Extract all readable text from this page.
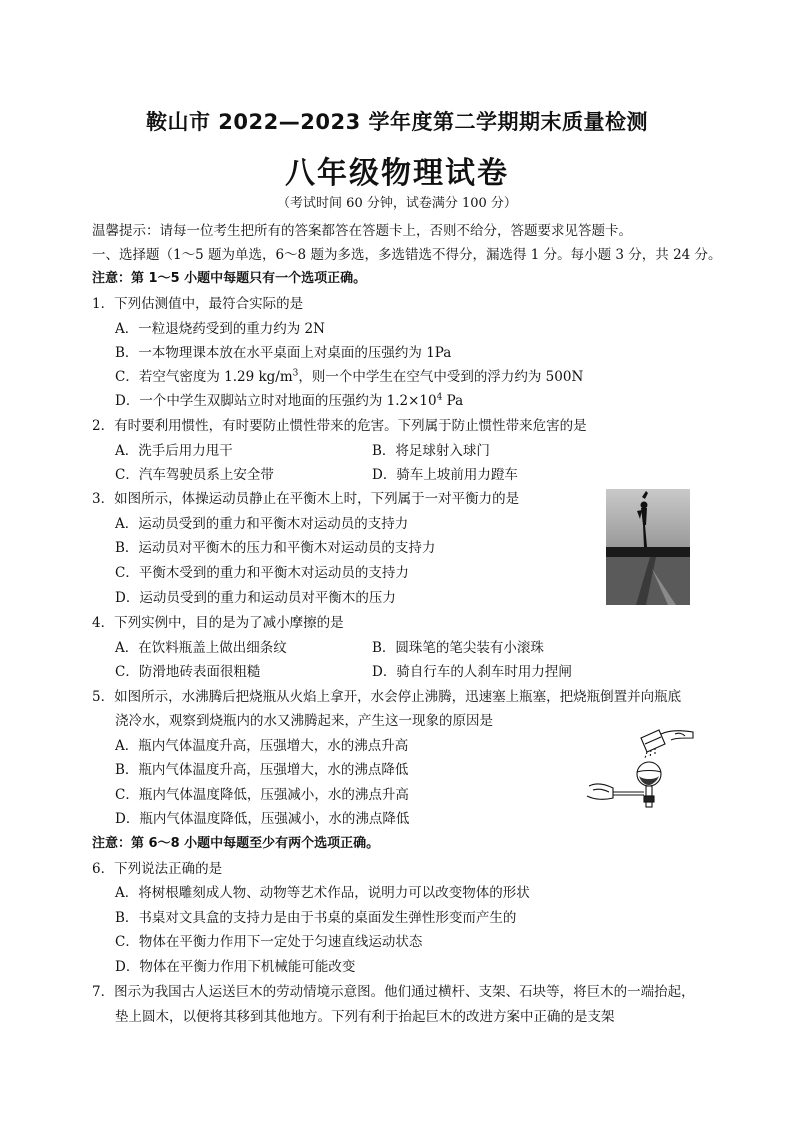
鞍山市 2022—2023 学年度第二学期期末质量检测
八年级物理试卷
（考试时间 60 分钟，试卷满分 100 分）
温馨提示：请每一位考生把所有的答案都答在答题卡上，否则不给分，答题要求见答题卡。
一、选择题（1～5 题为单选，6～8 题为多选，多选错选不得分，漏选得 1 分。每小题 3 分，共 24 分。
注意：第 1～5 小题中每题只有一个选项正确。
1．下列估测值中，最符合实际的是
A．一粒退烧药受到的重力约为 2N
B．一本物理课本放在水平桌面上对桌面的压强约为 1Pa
C．若空气密度为 1.29 $kg/m^3$，则一个中学生在空气中受到的浮力约为 500N
D．一个中学生双脚站立时对地面的压强约为 $1.2\times 10^4$ Pa
2．有时要利用惯性，有时要防止惯性带来的危害。下列属于防止惯性带来危害的是
A．洗手后用力甩干	B．将足球射入球门
C．汽车驾驶员系上安全带	D．骑车上坡前用力蹬车
3．如图所示，体操运动员静止在平衡木上时，下列属于一对平衡力的是
A．运动员受到的重力和平衡木对运动员的支持力
B．运动员对平衡木的压力和平衡木对运动员的支持力
C．平衡木受到的重力和平衡木对运动员的支持力
D．运动员受到的重力和运动员对平衡木的压力
4．下列实例中，目的是为了减小摩擦的是
A．在饮料瓶盖上做出细条纹	B．圆珠笔的笔尖装有小滚珠
C．防滑地砖表面很粗糙	D．骑自行车的人刹车时用力捏闸
5．如图所示，水沸腾后把烧瓶从火焰上拿开，水会停止沸腾，迅速塞上瓶塞，把烧瓶倒置并向瓶底
浇冷水，观察到烧瓶内的水又沸腾起来，产生这一现象的原因是
A．瓶内气体温度升高，压强增大，水的沸点升高
B．瓶内气体温度升高，压强增大，水的沸点降低
C．瓶内气体温度降低，压强减小，水的沸点升高
D．瓶内气体温度降低，压强减小，水的沸点降低
注意：第 6～8 小题中每题至少有两个选项正确。
6．下列说法正确的是
A．将树根雕刻成人物、动物等艺术作品，说明力可以改变物体的形状
B．书桌对文具盒的支持力是由于书桌的桌面发生弹性形变而产生的
C．物体在平衡力作用下一定处于匀速直线运动状态
D．物体在平衡力作用下机械能可能改变
7．图示为我国古人运送巨木的劳动情境示意图。他们通过横杆、支架、石块等，将巨木的一端抬起，
垫上圆木，以便将其移到其他地方。下列有利于抬起巨木的改进方案中正确的是支架
